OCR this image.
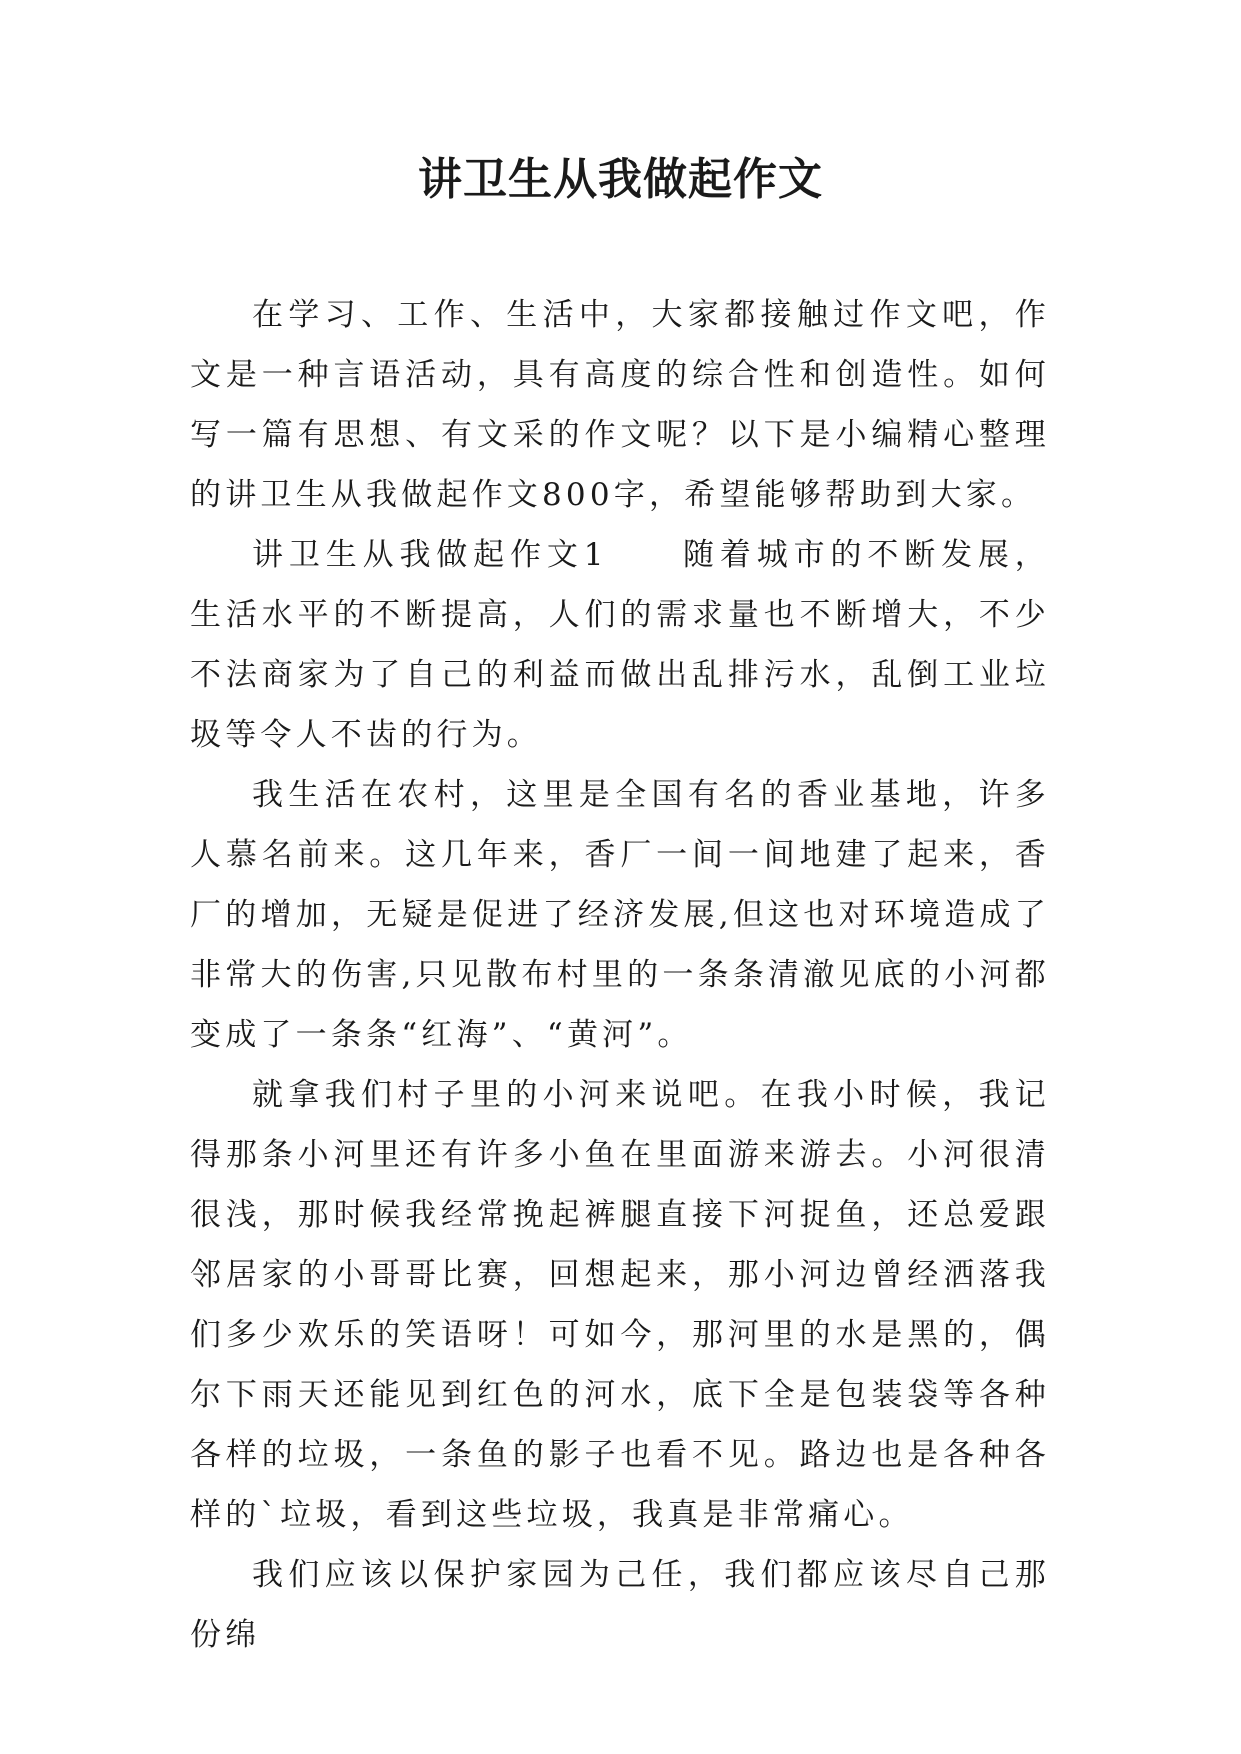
讲卫生从我做起作文

在学习、工作、生活中，大家都接触过作文吧，作文是一种言语活动，具有高度的综合性和创造性。如何写一篇有思想、有文采的作文呢？以下是小编精心整理的讲卫生从我做起作文800字，希望能够帮助到大家。

讲卫生从我做起作文1　　随着城市的不断发展，生活水平的不断提高，人们的需求量也不断增大，不少不法商家为了自己的利益而做出乱排污水，乱倒工业垃圾等令人不齿的行为。

我生活在农村，这里是全国有名的香业基地，许多人慕名前来。这几年来，香厂一间一间地建了起来，香厂的增加，无疑是促进了经济发展,但这也对环境造成了非常大的伤害,只见散布村里的一条条清澈见底的小河都变成了一条条“红海”、“黄河”。

就拿我们村子里的小河来说吧。在我小时候，我记得那条小河里还有许多小鱼在里面游来游去。小河很清很浅，那时候我经常挽起裤腿直接下河捉鱼，还总爱跟邻居家的小哥哥比赛，回想起来，那小河边曾经洒落我们多少欢乐的笑语呀！可如今，那河里的水是黑的，偶尔下雨天还能见到红色的河水，底下全是包装袋等各种各样的垃圾，一条鱼的影子也看不见。路边也是各种各样的`垃圾，看到这些垃圾，我真是非常痛心。

我们应该以保护家园为己任，我们都应该尽自己那份绵
